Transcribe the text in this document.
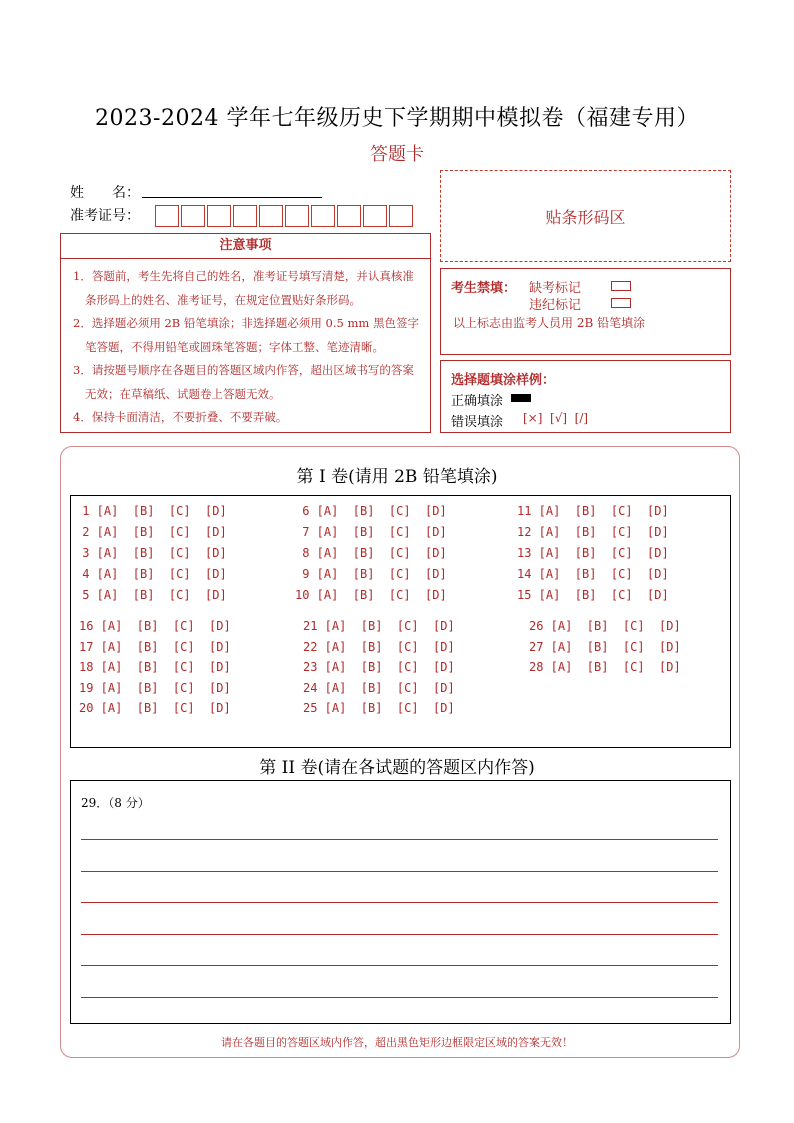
2023-2024 学年七年级历史下学期期中模拟卷（福建专用）
答题卡
姓　　名：
准考证号：	贴条形码区
注意事项

1．答题前，考生先将自己的姓名，准考证号填写清楚，并认真核准条形码上的姓名、准考证号，在规定位置贴好条形码。

2．选择题必须用 2B 铅笔填涂；非选择题必须用 0.5 mm 黑色签字笔答题，不得用铅笔或圆珠笔答题；字体工整、笔迹清晰。

3．请按题号顺序在各题目的答题区域内作答，超出区域书写的答案无效；在草稿纸、试题卷上答题无效。

4．保持卡面清洁，不要折叠、不要弄破。

考生禁填： 缺考标记
违纪标记
以上标志由监考人员用 2B 铅笔填涂
选择题填涂样例：
正确填涂
错误填涂 [×]  [√]  [/]
第 I 卷(请用 2B 铅笔填涂)
1 [A]  [B]  [C]  [D]
2 [A]  [B]  [C]  [D]
3 [A]  [B]  [C]  [D]
4 [A]  [B]  [C]  [D]
5 [A]  [B]  [C]  [D]
6 [A]  [B]  [C]  [D]
7 [A]  [B]  [C]  [D]
8 [A]  [B]  [C]  [D]
9 [A]  [B]  [C]  [D]
10 [A]  [B]  [C]  [D]
11 [A]  [B]  [C]  [D]
12 [A]  [B]  [C]  [D]
13 [A]  [B]  [C]  [D]
14 [A]  [B]  [C]  [D]
15 [A]  [B]  [C]  [D]
16 [A]  [B]  [C]  [D]
17 [A]  [B]  [C]  [D]
18 [A]  [B]  [C]  [D]
19 [A]  [B]  [C]  [D]
20 [A]  [B]  [C]  [D]
21 [A]  [B]  [C]  [D]
22 [A]  [B]  [C]  [D]
23 [A]  [B]  [C]  [D]
24 [A]  [B]  [C]  [D]
25 [A]  [B]  [C]  [D]
26 [A]  [B]  [C]  [D]
27 [A]  [B]  [C]  [D]
28 [A]  [B]  [C]  [D]
第 II 卷(请在各试题的答题区内作答)
29．（8 分）
请在各题目的答题区域内作答，超出黑色矩形边框限定区域的答案无效！
